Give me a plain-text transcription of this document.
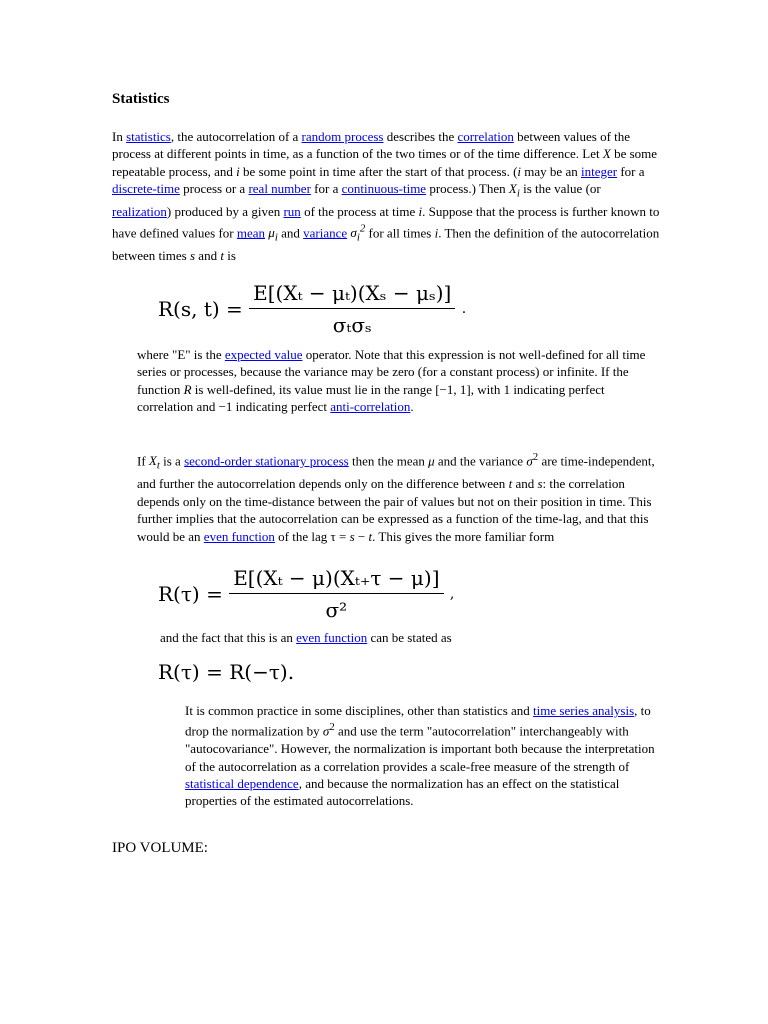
Statistics

In statistics, the autocorrelation of a random process describes the correlation between values of the process at different points in time, as a function of the two times or of the time difference. Let X be some repeatable process, and i be some point in time after the start of that process. (i may be an integer for a discrete-time process or a real number for a continuous-time process.) Then $X_i$ is the value (or realization) produced by a given run of the process at time i. Suppose that the process is further known to have defined values for mean $\mu_i$ and variance $\sigma_i^2$ for all times i. Then the definition of the autocorrelation between times s and t is

R(s, $t) = \frac{\text{E[(Xₜ − μₜ)(Xₛ − μₛ)]}}{\text{σₜσₛ}}$ .

where "E" is the expected value operator. Note that this expression is not well-defined for all time series or processes, because the variance may be zero (for a constant process) or infinite. If the function R is well-defined, its value must lie in the range [−1, 1], with 1 indicating perfect correlation and −1 indicating perfect anti-correlation.

If $X_t$ is a second-order stationary process then the mean μ and the variance $\sigma^2$ are time-independent, and further the autocorrelation depends only on the difference between t and s: the correlation depends only on the time-distance between the pair of values but not on their position in time. This further implies that the autocorrelation can be expressed as a function of the time-lag, and that this would be an even function of the lag τ = s − t. This gives the more familiar form

$R(\tau) = \frac{\text{E[(Xₜ − μ)(Xₜ₊τ − μ)]}}{\text{σ²}}$ ,

and the fact that this is an even function can be stated as

R(τ) = R(−τ).

It is common practice in some disciplines, other than statistics and time series analysis, to drop the normalization by $\sigma^2$ and use the term "autocorrelation" interchangeably with "autocovariance". However, the normalization is important both because the interpretation of the autocorrelation as a correlation provides a scale-free measure of the strength of statistical dependence, and because the normalization has an effect on the statistical properties of the estimated autocorrelations.

IPO VOLUME:
